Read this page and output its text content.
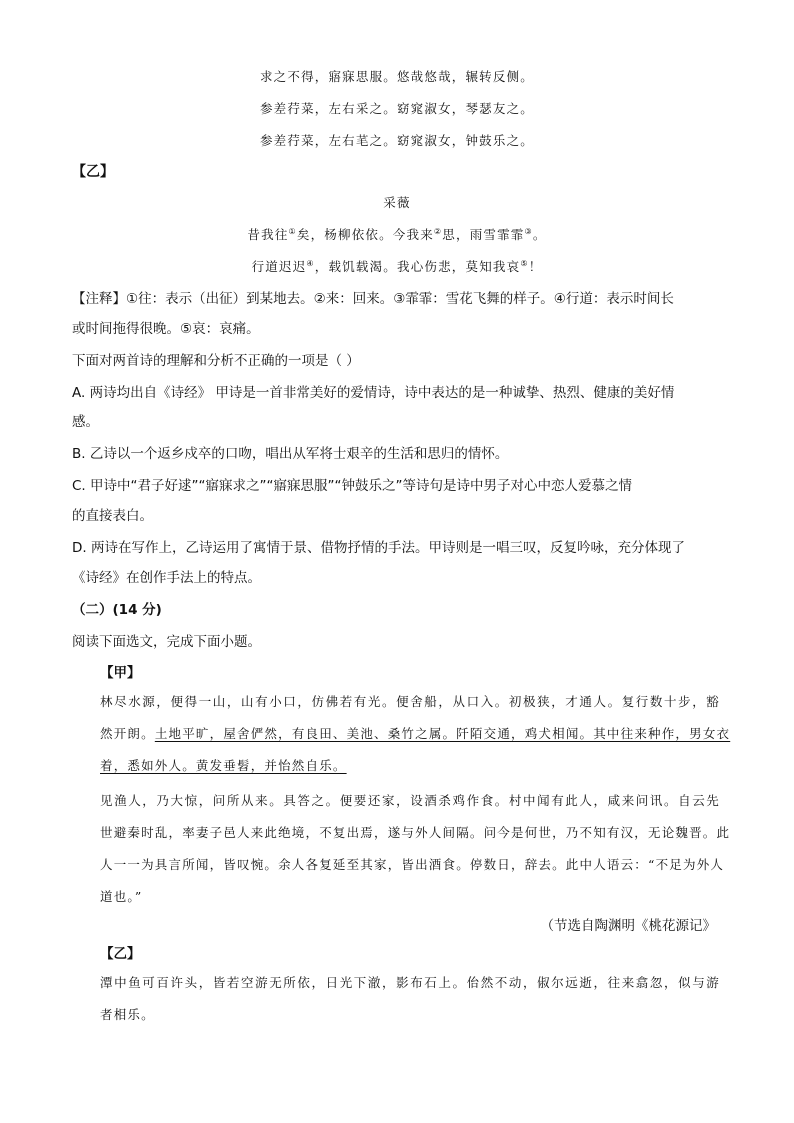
求之不得，寤寐思服。悠哉悠哉，辗转反侧。
参差荇菜，左右采之。窈窕淑女，琴瑟友之。
参差荇菜，左右芼之。窈窕淑女，钟鼓乐之。
【乙】
采薇
昔我往①矣，杨柳依依。今我来②思，雨雪霏霏③。
行道迟迟④，载饥载渴。我心伤悲，莫知我哀⑤！
【注释】①往：表示（出征）到某地去。②来：回来。③霏霏：雪花飞舞的样子。④行道：表示时间长
或时间拖得很晚。⑤哀：哀痛。
下面对两首诗的理解和分析不正确的一项是（ ）
A. 两诗均出自《诗经》 甲诗是一首非常美好的爱情诗，诗中表达的是一种诚挚、热烈、健康的美好情
感。
B. 乙诗以一个返乡戍卒的口吻，唱出从军将士艰辛的生活和思归的情怀。
C. 甲诗中“君子好逑”“寤寐求之”“寤寐思服”“钟鼓乐之”等诗句是诗中男子对心中恋人爱慕之情
的直接表白。
D. 两诗在写作上，乙诗运用了寓情于景、借物抒情的手法。甲诗则是一唱三叹，反复吟咏，充分体现了
《诗经》在创作手法上的特点。
（二）(14 分)
阅读下面选文，完成下面小题。
【甲】
林尽水源，便得一山，山有小口，仿佛若有光。便舍船，从口入。初极狭，才通人。复行数十步，豁
然开朗。土地平旷，屋舍俨然，有良田、美池、桑竹之属。阡陌交通，鸡犬相闻。其中往来种作，男女衣
着，悉如外人。黄发垂髫，并怡然自乐。
见渔人，乃大惊，问所从来。具答之。便要还家，设酒杀鸡作食。村中闻有此人，咸来问讯。自云先
世避秦时乱，率妻子邑人来此绝境，不复出焉，遂与外人间隔。问今是何世，乃不知有汉，无论魏晋。此
人一一为具言所闻，皆叹惋。余人各复延至其家，皆出酒食。停数日，辞去。此中人语云：“不足为外人
道也。”
（节选自陶渊明《桃花源记》
【乙】
潭中鱼可百许头，皆若空游无所依，日光下澈，影布石上。佁然不动，俶尔远逝，往来翕忽，似与游
者相乐。
